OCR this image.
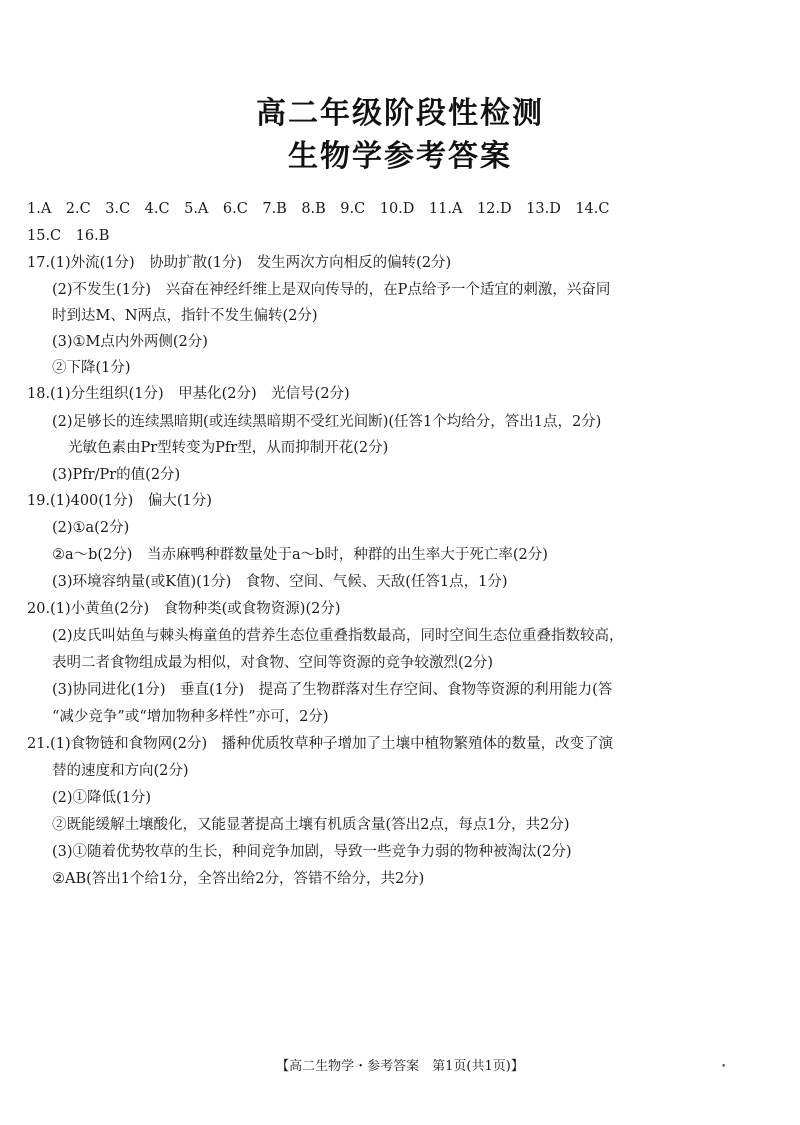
高二年级阶段性检测
生物学参考答案
1.A　2.C　3.C　4.C　5.A　6.C　7.B　8.B　9.C　10.D　11.A　12.D　13.D　14.C
15.C　16.B
17.(1)外流(1分)　协助扩散(1分)　发生两次方向相反的偏转(2分)
(2)不发生(1分)　兴奋在神经纤维上是双向传导的，在P点给予一个适宜的刺激，兴奋同
时到达M、N两点，指针不发生偏转(2分)
(3)①M点内外两侧(2分)
②下降(1分)
18.(1)分生组织(1分)　甲基化(2分)　光信号(2分)
(2)足够长的连续黑暗期(或连续黑暗期不受红光间断)(任答1个均给分，答出1点，2分)
光敏色素由Pr型转变为Pfr型，从而抑制开花(2分)
(3)Pfr/Pr的值(2分)
19.(1)400(1分)　偏大(1分)
(2)①a(2分)
②a～b(2分)　当赤麻鸭种群数量处于a～b时，种群的出生率大于死亡率(2分)
(3)环境容纳量(或K值)(1分)　食物、空间、气候、天敌(任答1点，1分)
20.(1)小黄鱼(2分)　食物种类(或食物资源)(2分)
(2)皮氏叫姑鱼与棘头梅童鱼的营养生态位重叠指数最高，同时空间生态位重叠指数较高，
表明二者食物组成最为相似，对食物、空间等资源的竞争较激烈(2分)
(3)协同进化(1分)　垂直(1分)　提高了生物群落对生存空间、食物等资源的利用能力(答
“减少竞争”或“增加物种多样性”亦可，2分)
21.(1)食物链和食物网(2分)　播种优质牧草种子增加了土壤中植物繁殖体的数量，改变了演
替的速度和方向(2分)
(2)①降低(1分)
②既能缓解土壤酸化，又能显著提高土壤有机质含量(答出2点，每点1分，共2分)
(3)①随着优势牧草的生长，种间竞争加剧，导致一些竞争力弱的物种被淘汰(2分)
②AB(答出1个给1分，全答出给2分，答错不给分，共2分)
【高二生物学・参考答案　第1页(共1页)】	•
